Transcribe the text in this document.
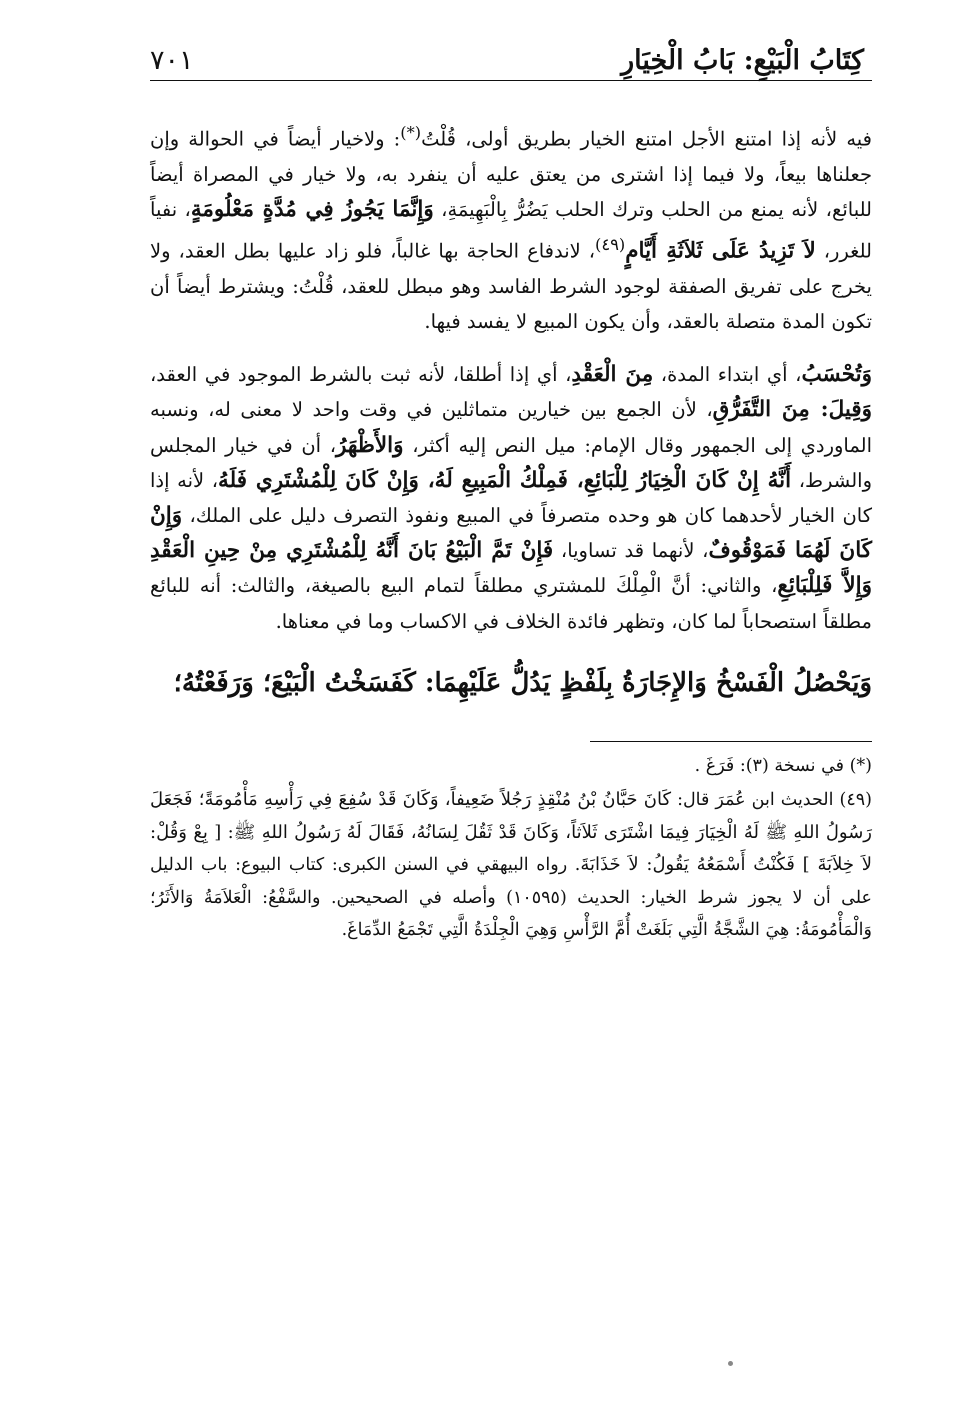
كِتَابُ الْبَيْعِ: بَابُ الْخِيَارِ
٧٠١

فيه لأنه إذا امتنع الأجل امتنع الخيار بطريق أولى، قُلْتُ(*): ولاخيار أيضاً في الحوالة وإن جعلناها بيعاً، ولا فيما إذا اشترى من يعتق عليه أن ينفرد به، ولا خيار في المصراة أيضاً للبائع، لأنه يمنع من الحلب وترك الحلب يَضُرُّ بِالْبَهِيمَةِ، وَإِنَّمَا يَجُوزُ فِي مُدَّةٍ مَعْلُومَةٍ، نفياً للغرر، لاَ تَزِيدُ عَلَى ثَلاَثَةِ أَيَّامٍ$^{(٤٩)}$، لاندفاع الحاجة بها غالباً، فلو زاد عليها بطل العقد، ولا يخرج على تفريق الصفقة لوجود الشرط الفاسد وهو مبطل للعقد، قُلْتُ: ويشترط أيضاً أن تكون المدة متصلة بالعقد، وأن يكون المبيع لا يفسد فيها.

وَتُحْسَبُ، أي ابتداء المدة، مِنَ الْعَقْدِ، أي إذا أطلقا، لأنه ثبت بالشرط الموجود في العقد، وَقِيلَ: مِنَ التَّفَرُّقِ، لأن الجمع بين خيارين متماثلين في وقت واحد لا معنى له، ونسبه الماوردي إلى الجمهور وقال الإمام: ميل النص إليه أكثر، وَالأَظْهَرُ، أن في خيار المجلس والشرط، أَنَّهُ إِنْ كَانَ الْخِيَارُ لِلْبَائِعِ، فَمِلْكُ الْمَبِيعِ لَهُ، وَإِنْ كَانَ لِلْمُشْتَرِي فَلَهُ، لأنه إذا كان الخيار لأحدهما كان هو وحده متصرفاً في المبيع ونفوذ التصرف دليل على الملك، وَإِنْ كَانَ لَهُمَا فَمَوْقُوفٌ، لأنهما قد تساويا، فَإِنْ تَمَّ الْبَيْعُ بَانَ أَنَّهُ لِلْمُشْتَرِي مِنْ حِينِ الْعَقْدِ وَإِلاَّ فَلِلْبَائِعِ، والثاني: أنَّ الْمِلْكَ للمشتري مطلقاً لتمام البيع بالصيغة، والثالث: أنه للبائع مطلقاً استصحاباً لما كان، وتظهر فائدة الخلاف في الاكساب وما في معناها.

وَيَحْصُلُ الْفَسْخُ وَالإِجَارَةُ بِلَفْظٍ يَدُلُّ عَلَيْهِمَا: كَفَسَخْتُ الْبَيْعَ؛ وَرَفَعْتُهُ؛

(*) في نسخة (٣): فَرَغَ .

(٤٩) الحديث ابن عُمَرَ قال: كَانَ حَبَّانُ بْنُ مُنْقِذٍ رَجُلاً ضَعِيفاً، وَكَانَ قَدْ سُفِعَ فِي رَأْسِهِ مَأْمُومَةً؛ فَجَعَلَ رَسُولُ اللهِ ﷺ لَهُ الْخِيَارَ فِيمَا اشْتَرَى ثَلاَثاً، وَكَانَ قَدْ ثَقُلَ لِسَانُهُ، فَقَالَ لَهُ رَسُولُ اللهِ ﷺ: [ بِعْ وَقُلْ: لاَ خِلاَبَةَ ] فَكُنْتُ أَسْمَعُهُ يَقُولُ: لاَ خَذَابَةَ. رواه البيهقي في السنن الكبرى: كتاب البيوع: باب الدليل على أن لا يجوز شرط الخيار: الحديث (١٠٥٩٥) وأصله في الصحيحين. والسَّفْعُ: الْعَلاَمَةُ وَالأَثَرُ؛ وَالْمَأْمُومَةُ: هِيَ الشَّجَّةُ الَّتِي بَلَغَتْ أُمَّ الرَّأْسِ وَهِيَ الْجِلْدَةُ الَّتِي تَجْمَعُ الدِّمَاغَ.
